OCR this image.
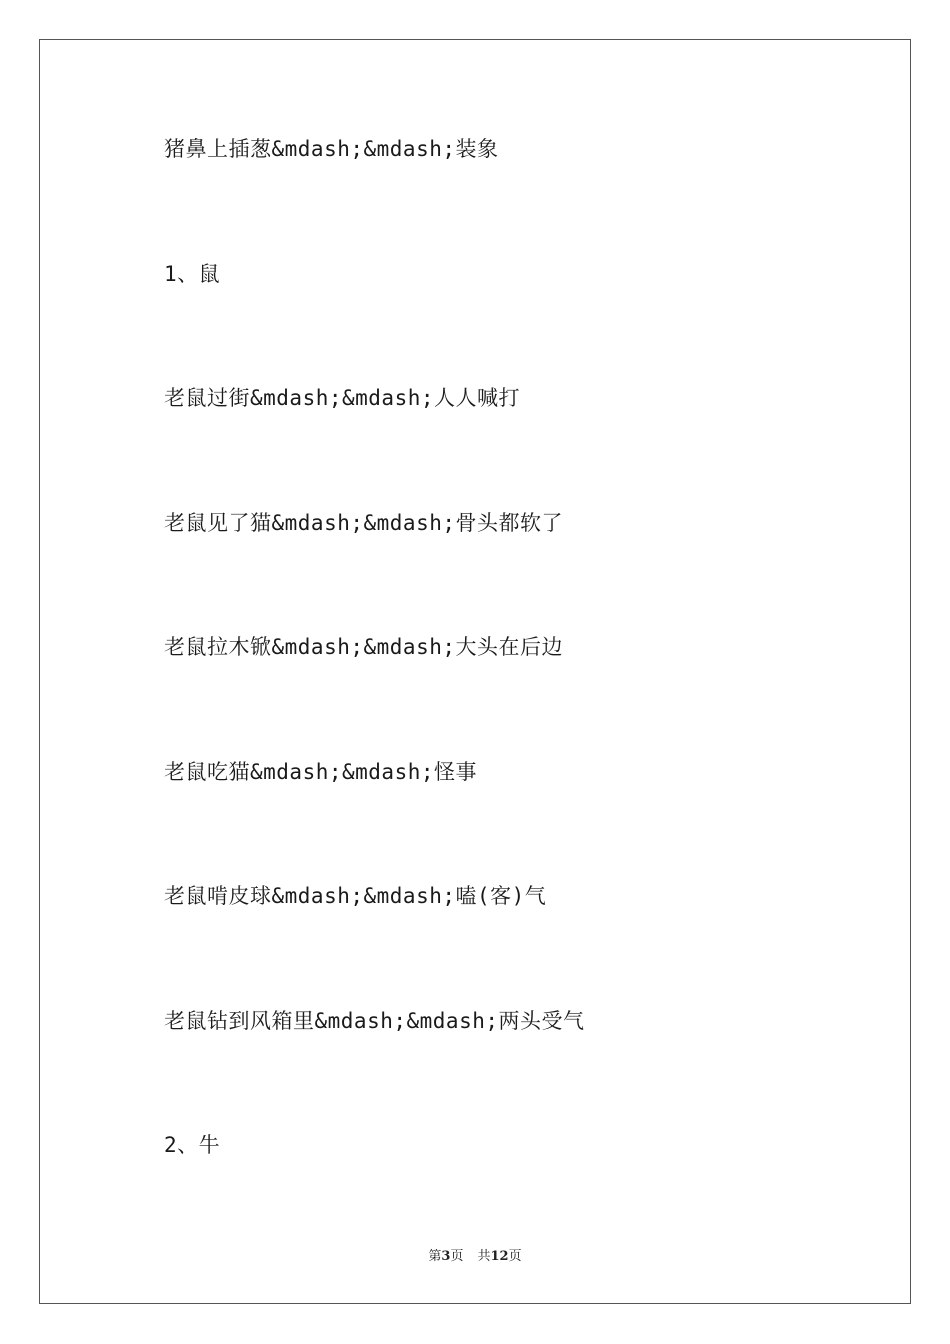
猪鼻上插葱&mdash;&mdash;装象
1、鼠
老鼠过街&mdash;&mdash;人人喊打
老鼠见了猫&mdash;&mdash;骨头都软了
老鼠拉木锨&mdash;&mdash;大头在后边
老鼠吃猫&mdash;&mdash;怪事
老鼠啃皮球&mdash;&mdash;嗑(客)气
老鼠钻到风箱里&mdash;&mdash;两头受气
2、牛
第3页 共12页
